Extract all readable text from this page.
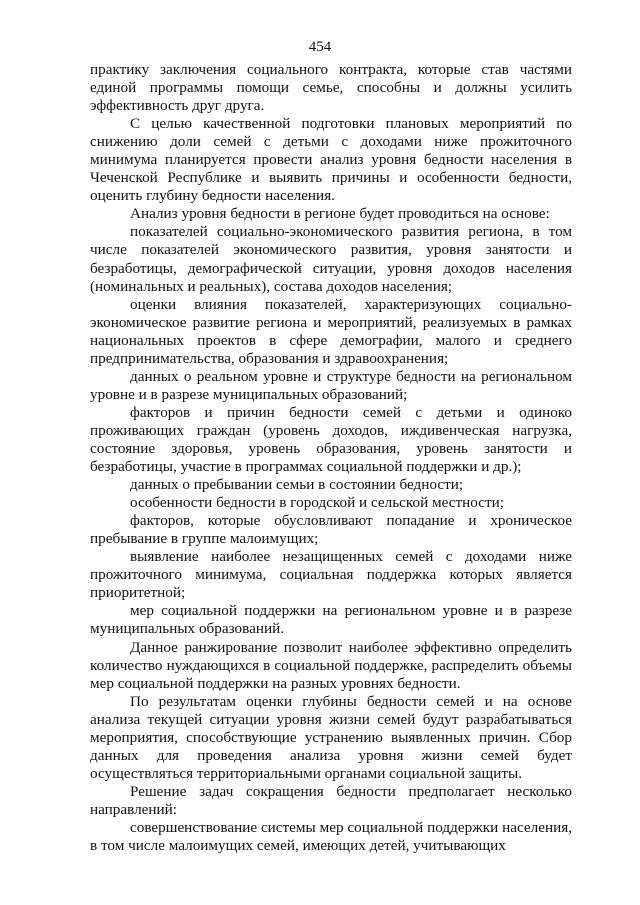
454

практику заключения социального контракта, которые став частями единой программы помощи семье, способны и должны усилить эффективность друг друга.

С целью качественной подготовки плановых мероприятий по снижению доли семей с детьми с доходами ниже прожиточного минимума планируется провести анализ уровня бедности населения в Чеченской Республике и выявить причины и особенности бедности, оценить глубину бедности населения.

Анализ уровня бедности в регионе будет проводиться на основе:

показателей социально-экономического развития региона, в том числе показателей экономического развития, уровня занятости и безработицы, демографической ситуации, уровня доходов населения (номинальных и реальных), состава доходов населения;

оценки влияния показателей, характеризующих социально-экономическое развитие региона и мероприятий, реализуемых в рамках национальных проектов в сфере демографии, малого и среднего предпринимательства, образования и здравоохранения;

данных о реальном уровне и структуре бедности на региональном уровне и в разрезе муниципальных образований;

факторов и причин бедности семей с детьми и одиноко проживающих граждан (уровень доходов, иждивенческая нагрузка, состояние здоровья, уровень образования, уровень занятости и безработицы, участие в программах социальной поддержки и др.);

данных о пребывании семьи в состоянии бедности;

особенности бедности в городской и сельской местности;

факторов, которые обусловливают попадание и хроническое пребывание в группе малоимущих;

выявление наиболее незащищенных семей с доходами ниже прожиточного минимума, социальная поддержка которых является приоритетной;

мер социальной поддержки на региональном уровне и в разрезе муниципальных образований.

Данное ранжирование позволит наиболее эффективно определить количество нуждающихся в социальной поддержке, распределить объемы мер социальной поддержки на разных уровнях бедности.

По результатам оценки глубины бедности семей и на основе анализа текущей ситуации уровня жизни семей будут разрабатываться мероприятия, способствующие устранению выявленных причин. Сбор данных для проведения анализа уровня жизни семей будет осуществляться территориальными органами социальной защиты.

Решение задач сокращения бедности предполагает несколько направлений:

совершенствование системы мер социальной поддержки населения, в том числе малоимущих семей, имеющих детей, учитывающих
